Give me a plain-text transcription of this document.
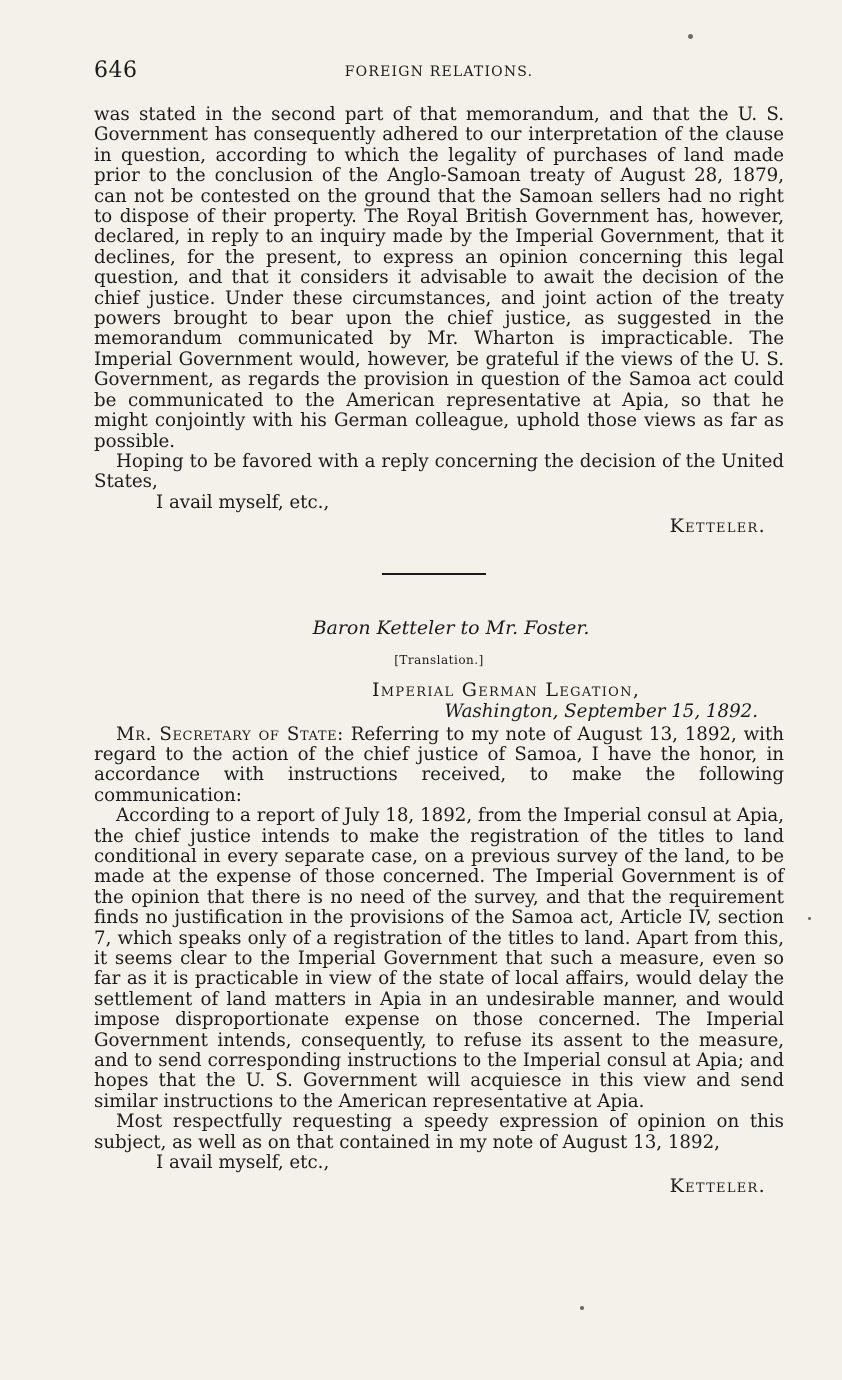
646	FOREIGN RELATIONS.

was stated in the second part of that memorandum, and that the U. S. Government has consequently adhered to our interpretation of the clause in question, according to which the legality of purchases of land made prior to the conclusion of the Anglo-Samoan treaty of August 28, 1879, can not be contested on the ground that the Samoan sellers had no right to dispose of their property. The Royal British Government has, however, declared, in reply to an inquiry made by the Imperial Government, that it declines, for the present, to express an opinion concerning this legal question, and that it considers it advisable to await the decision of the chief justice. Under these circumstances, and joint action of the treaty powers brought to bear upon the chief justice, as suggested in the memorandum communicated by Mr. Wharton is impracticable. The Imperial Government would, however, be grateful if the views of the U. S. Government, as regards the provision in question of the Samoa act could be communicated to the American representative at Apia, so that he might conjointly with his German colleague, uphold those views as far as possible.

Hoping to be favored with a reply concerning the decision of the United States,

I avail myself, etc.,
Ketteler.
Baron Ketteler to Mr. Foster.
[Translation.]
Imperial German Legation,
Washington, September 15, 1892.

Mr. Secretary of State: Referring to my note of August 13, 1892, with regard to the action of the chief justice of Samoa, I have the honor, in accordance with instructions received, to make the following communication:

According to a report of July 18, 1892, from the Imperial consul at Apia, the chief justice intends to make the registration of the titles to land conditional in every separate case, on a previous survey of the land, to be made at the expense of those concerned. The Imperial Government is of the opinion that there is no need of the survey, and that the requirement finds no justification in the provisions of the Samoa act, Article IV, section 7, which speaks only of a registration of the titles to land. Apart from this, it seems clear to the Imperial Government that such a measure, even so far as it is practicable in view of the state of local affairs, would delay the settlement of land matters in Apia in an undesirable manner, and would impose disproportionate expense on those concerned. The Imperial Government intends, consequently, to refuse its assent to the measure, and to send corresponding instructions to the Imperial consul at Apia; and hopes that the U. S. Government will acquiesce in this view and send similar instructions to the American representative at Apia.

Most respectfully requesting a speedy expression of opinion on this subject, as well as on that contained in my note of August 13, 1892,

I avail myself, etc.,
Ketteler.
